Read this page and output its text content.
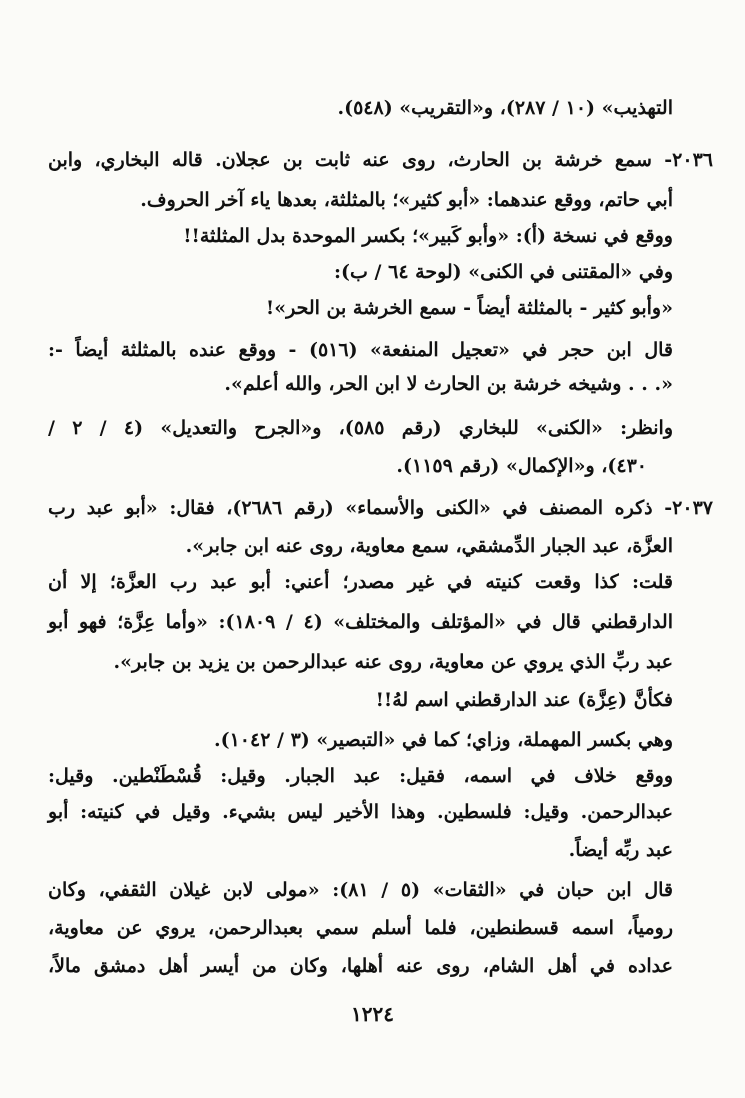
التهذيب» (١٠ / ٢٨٧)، و«التقريب» (٥٤٨).
٢٠٣٦- سمع خرشة بن الحارث، روى عنه ثابت بن عجلان. قاله البخاري، وابن
أبي حاتم، ووقع عندهما: «أبو كثير»؛ بالمثلثة، بعدها ياء آخر الحروف.
ووقع في نسخة (أ): «وأبو كَبير»؛ بكسر الموحدة بدل المثلثة!!
وفي «المقتنى في الكنى» (لوحة ٦٤ / ب):
«وأبو كثير - بالمثلثة أيضاً - سمع الخرشة بن الحر»!
قال ابن حجر في «تعجيل المنفعة» (٥١٦) - ووقع عنده بالمثلثة أيضاً -:
«. . . وشيخه خرشة بن الحارث لا ابن الحر، والله أعلم».
وانظر: «الكنى» للبخاري (رقم ٥٨٥)، و«الجرح والتعديل» (٤ / ٢ /
٤٣٠)، و«الإكمال» (رقم ١١٥٩).
٢٠٣٧- ذكره المصنف في «الكنى والأسماء» (رقم ٢٦٨٦)، فقال: «أبو عبد رب
العزَّة، عبد الجبار الدِّمشقي، سمع معاوية، روى عنه ابن جابر».
قلت: كذا وقعت كنيته في غير مصدر؛ أعني: أبو عبد رب العزَّة؛ إلا أن
الدارقطني قال في «المؤتلف والمختلف» (٤ / ١٨٠٩): «وأما عِزَّة؛ فهو أبو
عبد ربِّ الذي يروي عن معاوية، روى عنه عبدالرحمن بن يزيد بن جابر».
فكأنَّ (عِزَّة) عند الدارقطني اسم لهُ!!
وهي بكسر المهملة، وزاي؛ كما في «التبصير» (٣ / ١٠٤٢).
ووقع خلاف في اسمه، فقيل: عبد الجبار. وقيل: قُسْطَنْطين. وقيل:
عبدالرحمن. وقيل: فلسطين. وهذا الأخير ليس بشيء. وقيل في كنيته: أبو
عبد ربِّه أيضاً.
قال ابن حبان في «الثقات» (٥ / ٨١): «مولى لابن غيلان الثقفي، وكان
رومياً، اسمه قسطنطين، فلما أسلم سمي بعبدالرحمن، يروي عن معاوية،
عداده في أهل الشام، روى عنه أهلها، وكان من أيسر أهل دمشق مالاً،
١٢٢٤
